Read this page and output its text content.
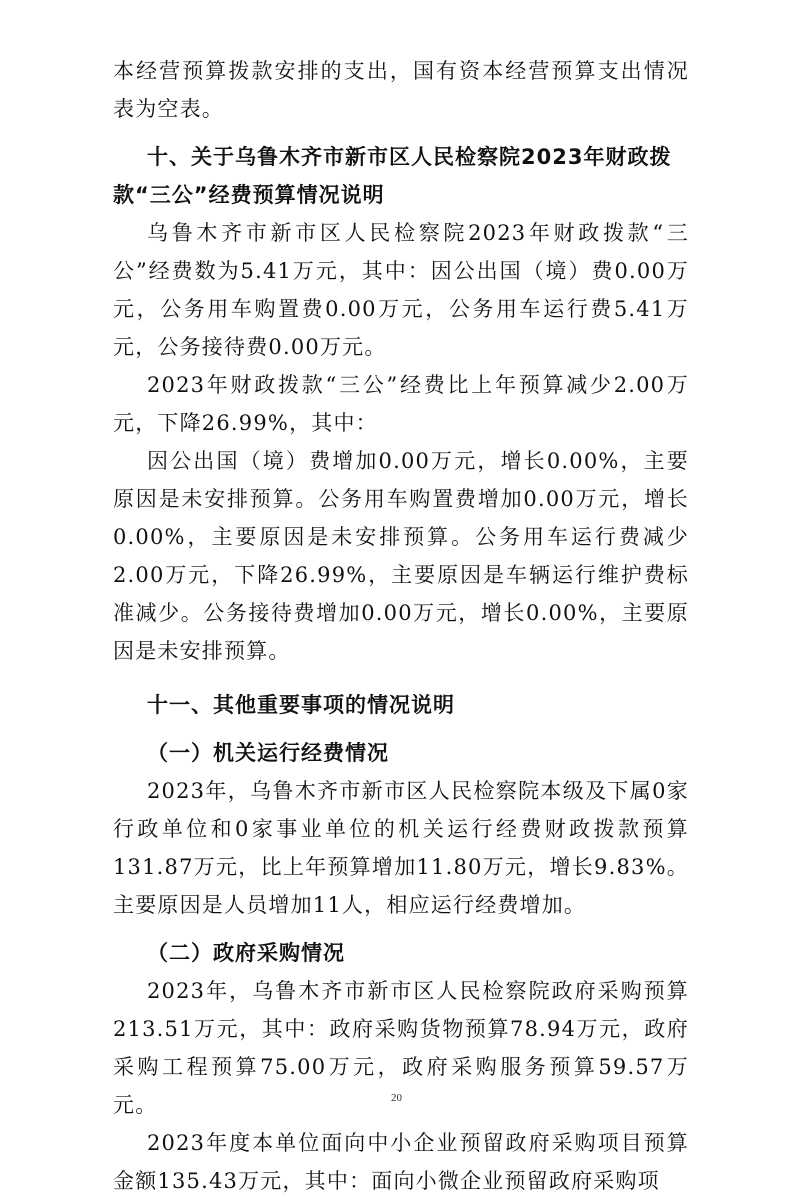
本经营预算拨款安排的支出，国有资本经营预算支出情况表为空表。

十、关于乌鲁木齐市新市区人民检察院2023年财政拨款“三公”经费预算情况说明

乌鲁木齐市新市区人民检察院2023年财政拨款“三公”经费数为5.41万元，其中：因公出国（境）费0.00万元，公务用车购置费0.00万元，公务用车运行费5.41万元，公务接待费0.00万元。

2023年财政拨款“三公”经费比上年预算减少2.00万元，下降26.99%，其中：

因公出国（境）费增加0.00万元，增长0.00%，主要原因是未安排预算。公务用车购置费增加0.00万元，增长0.00%，主要原因是未安排预算。公务用车运行费减少2.00万元，下降26.99%，主要原因是车辆运行维护费标准减少。公务接待费增加0.00万元，增长0.00%，主要原因是未安排预算。

十一、其他重要事项的情况说明

（一）机关运行经费情况

2023年，乌鲁木齐市新市区人民检察院本级及下属0家行政单位和0家事业单位的机关运行经费财政拨款预算131.87万元，比上年预算增加11.80万元，增长9.83%。主要原因是人员增加11人，相应运行经费增加。

（二）政府采购情况

2023年，乌鲁木齐市新市区人民检察院政府采购预算213.51万元，其中：政府采购货物预算78.94万元，政府采购工程预算75.00万元，政府采购服务预算59.57万元。

2023年度本单位面向中小企业预留政府采购项目预算金额135.43万元，其中：面向小微企业预留政府采购项

20
